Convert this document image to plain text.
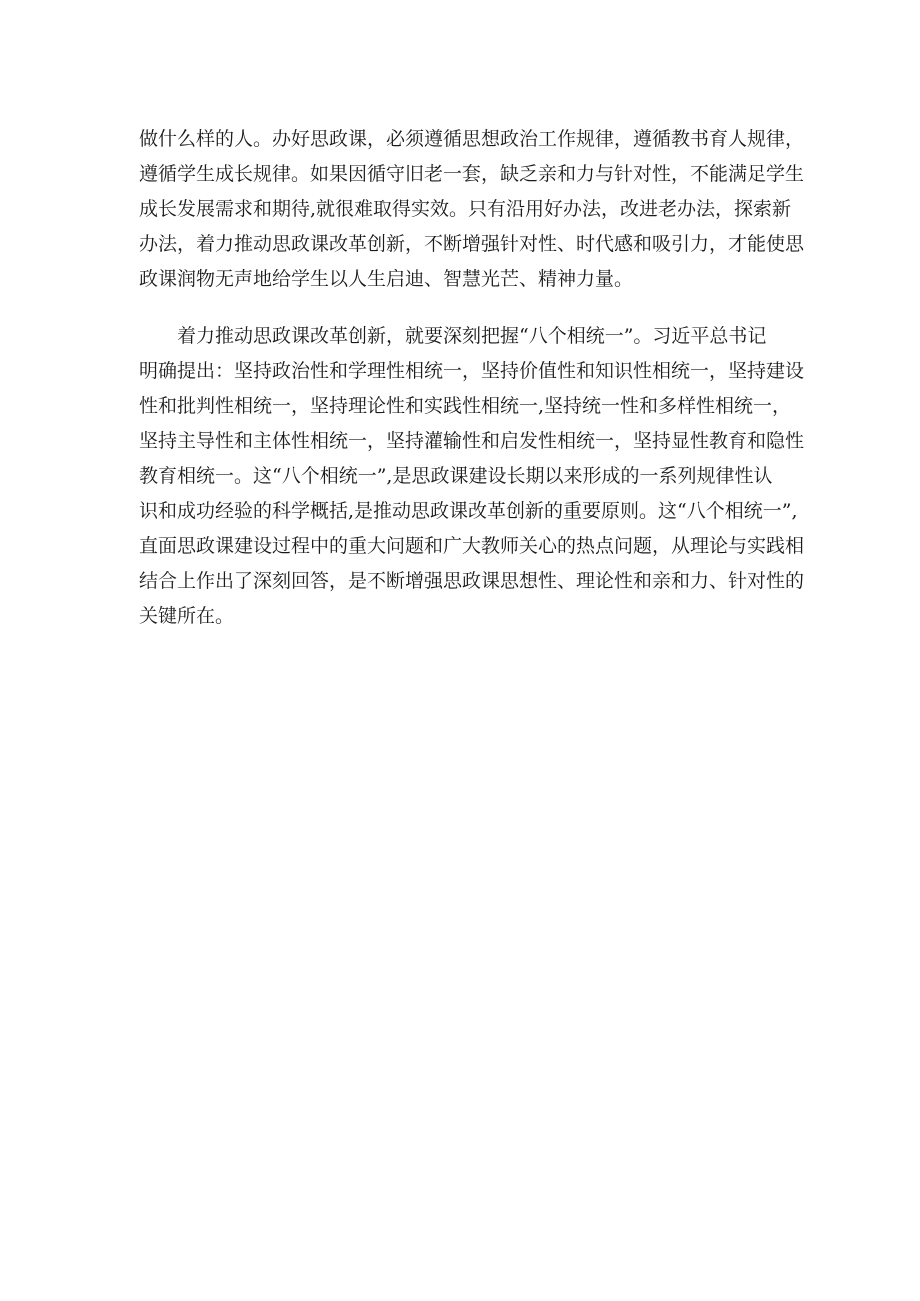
做什么样的人。办好思政课，必须遵循思想政治工作规律，遵循教书育人规律，
遵循学生成长规律。如果因循守旧老一套，缺乏亲和力与针对性，不能满足学生
成长发展需求和期待,就很难取得实效。只有沿用好办法，改进老办法，探索新
办法，着力推动思政课改革创新，不断增强针对性、时代感和吸引力，才能使思
政课润物无声地给学生以人生启迪、智慧光芒、精神力量。
着力推动思政课改革创新，就要深刻把握“八个相统一”。习近平总书记
明确提出：坚持政治性和学理性相统一，坚持价值性和知识性相统一，坚持建设
性和批判性相统一，坚持理论性和实践性相统一,坚持统一性和多样性相统一，
坚持主导性和主体性相统一，坚持灌输性和启发性相统一，坚持显性教育和隐性
教育相统一。这“八个相统一”,是思政课建设长期以来形成的一系列规律性认
识和成功经验的科学概括,是推动思政课改革创新的重要原则。这“八个相统一”,
直面思政课建设过程中的重大问题和广大教师关心的热点问题，从理论与实践相
结合上作出了深刻回答，是不断增强思政课思想性、理论性和亲和力、针对性的
关键所在。
